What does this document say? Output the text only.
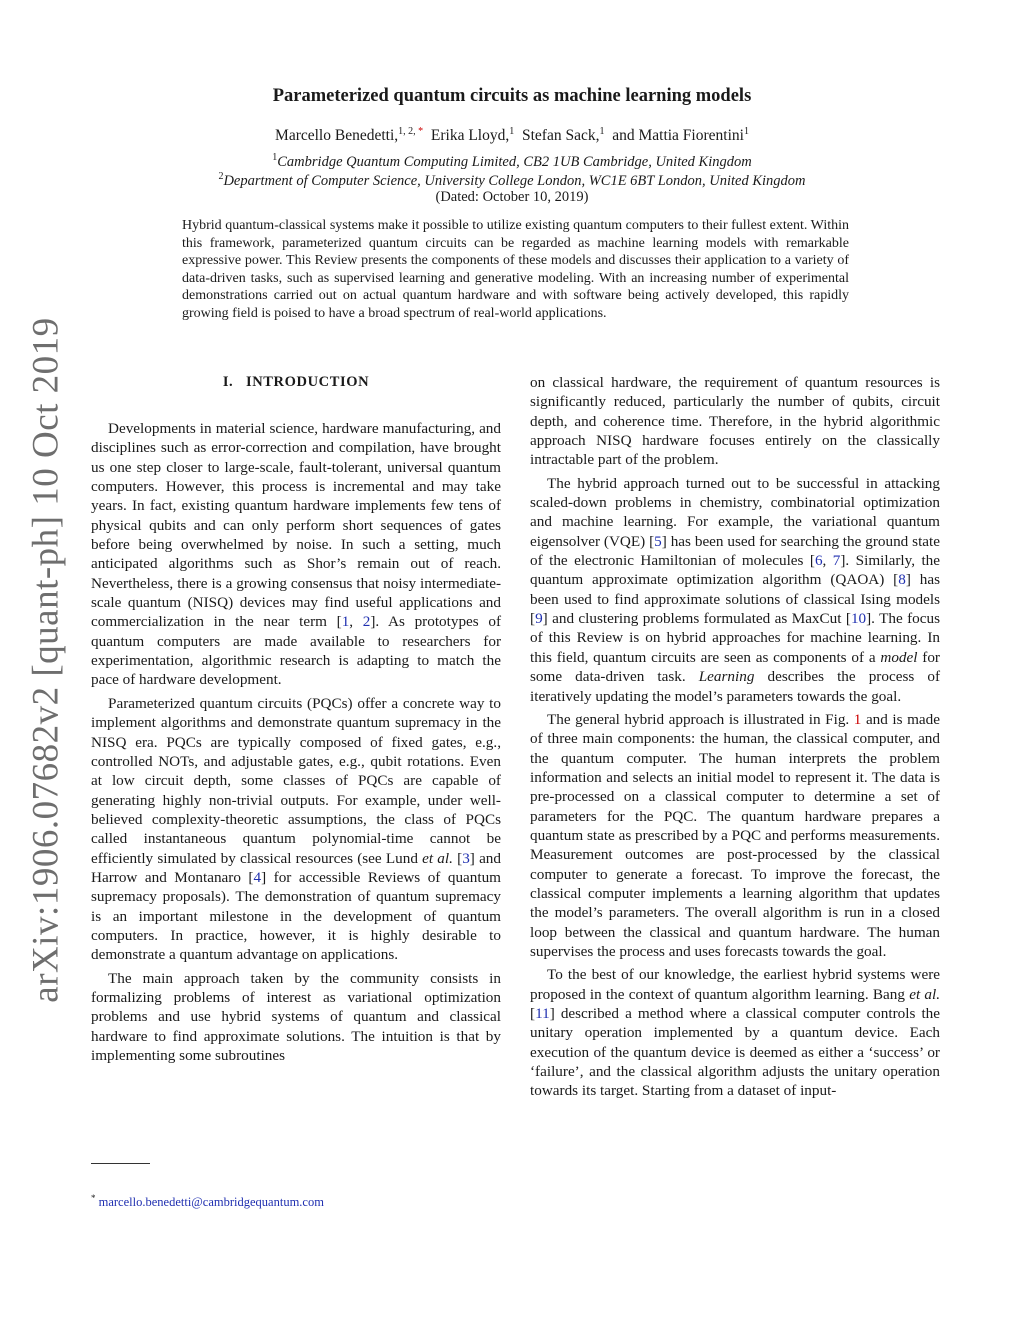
arXiv:1906.07682v2 [quant-ph] 10 Oct 2019
Parameterized quantum circuits as machine learning models
Marcello Benedetti,$^{1, 2, *}$ Erika Lloyd,$^1$ Stefan Sack,$^1$ and Mattia Fiorentini$^1$
$^1$Cambridge Quantum Computing Limited, CB2 1UB Cambridge, United Kingdom
$^2$Department of Computer Science, University College London, WC1E 6BT London, United Kingdom
(Dated: October 10, 2019)
Hybrid quantum-classical systems make it possible to utilize existing quantum computers to their fullest extent. Within this framework, parameterized quantum circuits can be regarded as machine learning models with remarkable expressive power. This Review presents the components of these models and discusses their application to a variety of data-driven tasks, such as supervised learning and generative modeling. With an increasing number of experimental demonstrations carried out on actual quantum hardware and with software being actively developed, this rapidly growing field is poised to have a broad spectrum of real-world applications.
I. INTRODUCTION

Developments in material science, hardware manufacturing, and disciplines such as error-correction and compilation, have brought us one step closer to large-scale, fault-tolerant, universal quantum computers. However, this process is incremental and may take years. In fact, existing quantum hardware implements few tens of physical qubits and can only perform short sequences of gates before being overwhelmed by noise. In such a setting, much anticipated algorithms such as Shor’s remain out of reach. Nevertheless, there is a growing consensus that noisy intermediate-scale quantum (NISQ) devices may find useful applications and commercialization in the near term [1, 2]. As prototypes of quantum computers are made available to researchers for experimentation, algorithmic research is adapting to match the pace of hardware development.

Parameterized quantum circuits (PQCs) offer a concrete way to implement algorithms and demonstrate quantum supremacy in the NISQ era. PQCs are typically composed of fixed gates, e.g., controlled NOTs, and adjustable gates, e.g., qubit rotations. Even at low circuit depth, some classes of PQCs are capable of generating highly non-trivial outputs. For example, under well-believed complexity-theoretic assumptions, the class of PQCs called instantaneous quantum polynomial-time cannot be efficiently simulated by classical resources (see Lund et al. [3] and Harrow and Montanaro [4] for accessible Reviews of quantum supremacy proposals). The demonstration of quantum supremacy is an important milestone in the development of quantum computers. In practice, however, it is highly desirable to demonstrate a quantum advantage on applications.

The main approach taken by the community consists in formalizing problems of interest as variational optimization problems and use hybrid systems of quantum and classical hardware to find approximate solutions. The intuition is that by implementing some subroutines

on classical hardware, the requirement of quantum resources is significantly reduced, particularly the number of qubits, circuit depth, and coherence time. Therefore, in the hybrid algorithmic approach NISQ hardware focuses entirely on the classically intractable part of the problem.

The hybrid approach turned out to be successful in attacking scaled-down problems in chemistry, combinatorial optimization and machine learning. For example, the variational quantum eigensolver (VQE) [5] has been used for searching the ground state of the electronic Hamiltonian of molecules [6, 7]. Similarly, the quantum approximate optimization algorithm (QAOA) [8] has been used to find approximate solutions of classical Ising models [9] and clustering problems formulated as MaxCut [10]. The focus of this Review is on hybrid approaches for machine learning. In this field, quantum circuits are seen as components of a model for some data-driven task. Learning describes the process of iteratively updating the model’s parameters towards the goal.

The general hybrid approach is illustrated in Fig. 1 and is made of three main components: the human, the classical computer, and the quantum computer. The human interprets the problem information and selects an initial model to represent it. The data is pre-processed on a classical computer to determine a set of parameters for the PQC. The quantum hardware prepares a quantum state as prescribed by a PQC and performs measurements. Measurement outcomes are post-processed by the classical computer to generate a forecast. To improve the forecast, the classical computer implements a learning algorithm that updates the model’s parameters. The overall algorithm is run in a closed loop between the classical and quantum hardware. The human supervises the process and uses forecasts towards the goal.

To the best of our knowledge, the earliest hybrid systems were proposed in the context of quantum algorithm learning. Bang et al. [11] described a method where a classical computer controls the unitary operation implemented by a quantum device. Each execution of the quantum device is deemed as either a ‘success’ or ‘failure’, and the classical algorithm adjusts the unitary operation towards its target. Starting from a dataset of input-

* marcello.benedetti@cambridgequantum.com
